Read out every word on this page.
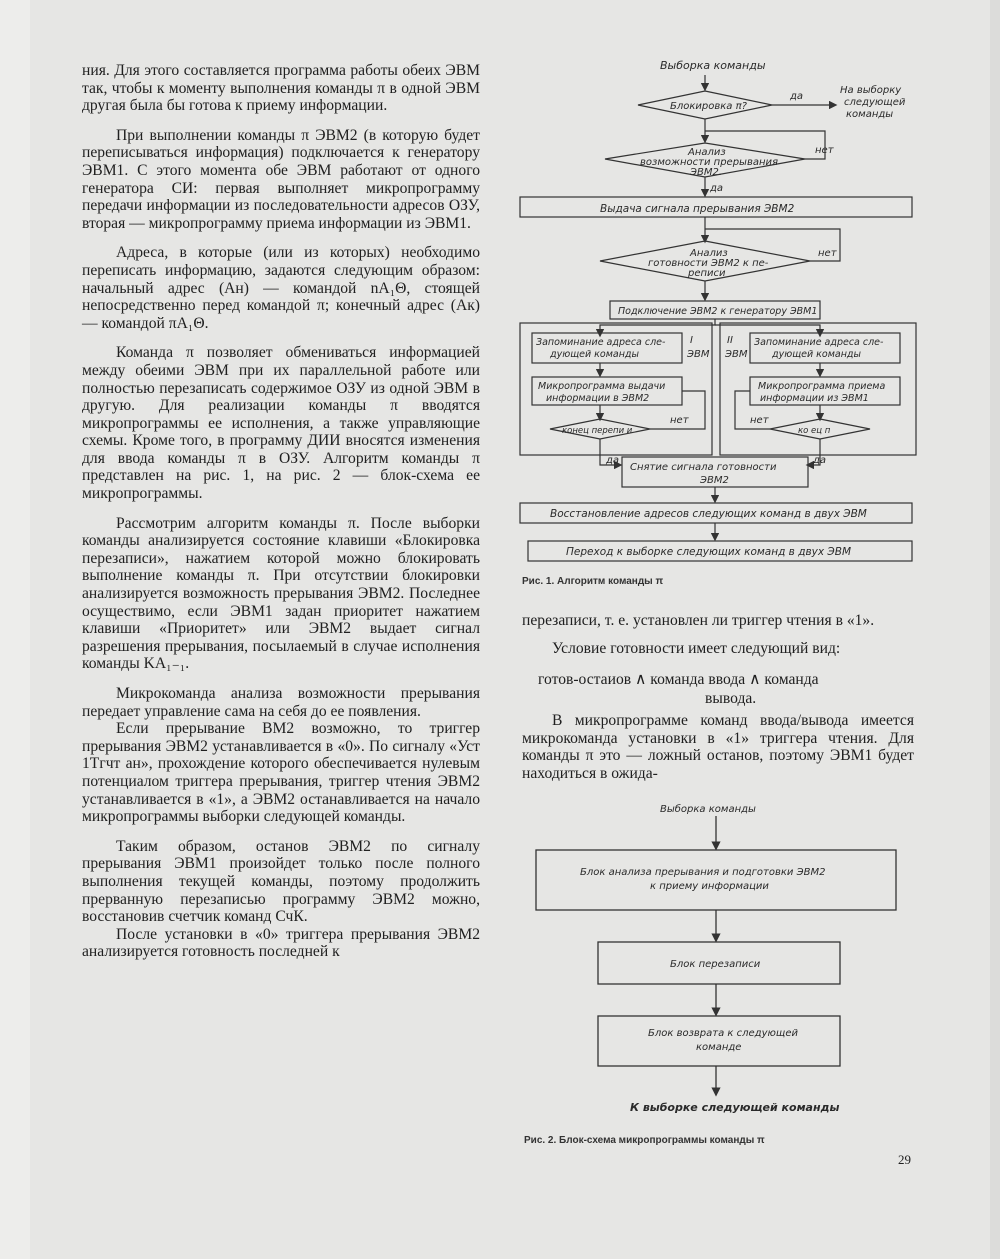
ния. Для этого составляется программа работы обеих ЭВМ так, чтобы к моменту выполнения команды π в одной ЭВМ другая была бы готова к приему информации.

При выполнении команды π ЭВМ2 (в которую будет переписываться информация) подключается к генератору ЭВМ1. С этого момента обе ЭВМ работают от одного генератора СИ: первая выполняет микропрограмму передачи информации из последовательности адресов ОЗУ, вторая — микропрограмму приема информации из ЭВМ1.

Адреса, в которые (или из которых) необходимо переписать информацию, задаются следующим образом: начальный адрес (Aн) — командой nA₁Θ, стоящей непосредственно перед командой π; конечный адрес (Aк) — командой πA₁Θ.

Команда π позволяет обмениваться информацией между обеими ЭВМ при их параллельной работе или полностью перезаписать содержимое ОЗУ из одной ЭВМ в другую. Для реализации команды π вводятся микропрограммы ее исполнения, а также управляющие схемы. Кроме того, в программу ДИИ вносятся изменения для ввода команды π в ОЗУ. Алгоритм команды π представлен на рис. 1, на рис. 2 — блок-схема ее микропрограммы.

Рассмотрим алгоритм команды π. После выборки команды анализируется состояние клавиши «Блокировка перезаписи», нажатием которой можно блокировать выполнение команды π. При отсутствии блокировки анализируется возможность прерывания ЭВМ2. Последнее осуществимо, если ЭВМ1 задан приоритет нажатием клавиши «Приоритет» или ЭВМ2 выдает сигнал разрешения прерывания, посылаемый в случае исполнения команды KA₁₋₁.

Микрокоманда анализа возможности прерывания передает управление сама на себя до ее появления.

Если прерывание ВМ2 возможно, то триггер прерывания ЭВМ2 устанавливается в «0». По сигналу «Уст 1Тгчт ан», прохождение которого обеспечивается нулевым потенциалом триггера прерывания, триггер чтения ЭВМ2 устанавливается в «1», а ЭВМ2 останавливается на начало микропрограммы выборки следующей команды.

Таким образом, останов ЭВМ2 по сигналу прерывания ЭВМ1 произойдет только после полного выполнения текущей команды, поэтому продолжить прерванную перезаписью программу ЭВМ2 можно, восстановив счетчик команд СчК.

После установки в «0» триггера прерывания ЭВМ2 анализируется готовность последней к

Выборка команды
Блокировка π?
да
На выборку
следующей
команды
Анализ
возможности прерывания
ЭВМ2.
нет
да
Выдача сигнала прерывания ЭВМ2
Анализ
готовности ЭВМ2 к пе-
реписи
нет
Подключение ЭВМ2 к генератору ЭВМ1
I
ЭВМ
II
ЭВМ
Запоминание адреса сле-
дующей команды
Запоминание адреса сле-
дующей команды
Микропрограмма выдачи
информации в ЭВМ2
Микропрограмма приема
информации из ЭВМ1
конец перепи и	ко ец п
нет	нет
да	да
Снятие сигнала готовности
ЭВМ2
Восстановление адресов следующих команд в двух ЭВМ
Переход к выборке следующих команд в двух ЭВМ
Рис. 1. Алгоритм команды π

перезаписи, т. е. установлен ли триггер чтения в «1».

Условие готовности имеет следующий вид:

готов-остаиов ∧ команда ввода ∧ команда
вывода.

В микропрограмме команд ввода/вывода имеется микрокоманда установки в «1» триггера чтения. Для команды π это — ложный останов, поэтому ЭВМ1 будет находиться в ожида-

Выборка команды
Блок анализа прерывания и подготовки ЭВМ2
к приему информации
Блок перезаписи
Блок возврата к следующей
команде
К выборке следующей команды
Рис. 2. Блок-схема микропрограммы команды π
29
